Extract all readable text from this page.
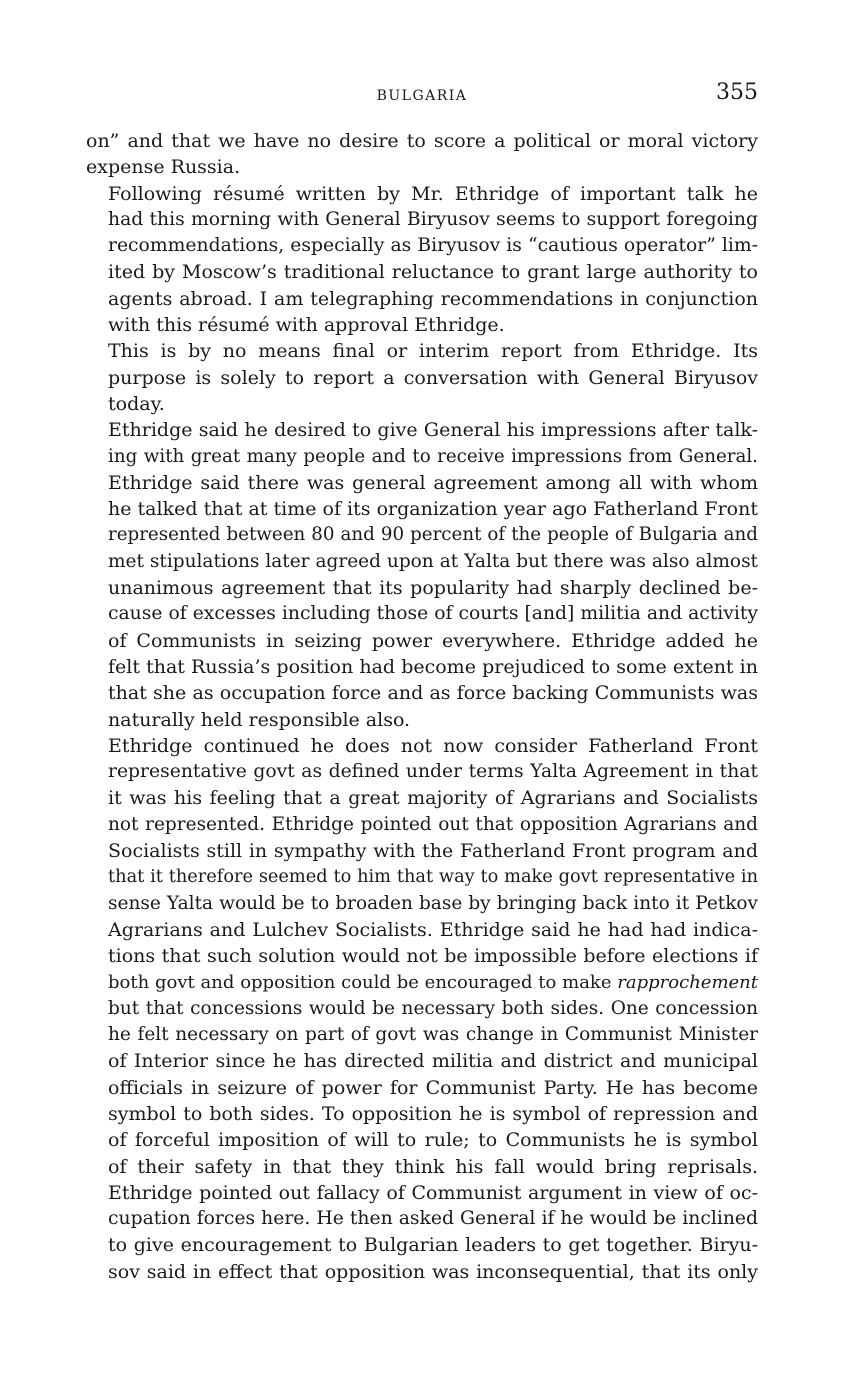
BULGARIA	355

on” and that we have no desire to score a political or moral victory
expense Russia.

Following résumé written by Mr. Ethridge of important talk he
had this morning with General Biryusov seems to support foregoing
recommendations, especially as Biryusov is “cautious operator” lim-
ited by Moscow’s traditional reluctance to grant large authority to
agents abroad. I am telegraphing recommendations in conjunction
with this résumé with approval Ethridge.

This is by no means final or interim report from Ethridge. Its
purpose is solely to report a conversation with General Biryusov
today.

Ethridge said he desired to give General his impressions after talk-
ing with great many people and to receive impressions from General.
Ethridge said there was general agreement among all with whom
he talked that at time of its organization year ago Fatherland Front
represented between 80 and 90 percent of the people of Bulgaria and
met stipulations later agreed upon at Yalta but there was also almost
unanimous agreement that its popularity had sharply declined be-
cause of excesses including those of courts [and] militia and activity
of Communists in seizing power everywhere. Ethridge added he
felt that Russia’s position had become prejudiced to some extent in
that she as occupation force and as force backing Communists was
naturally held responsible also.

Ethridge continued he does not now consider Fatherland Front
representative govt as defined under terms Yalta Agreement in that
it was his feeling that a great majority of Agrarians and Socialists
not represented. Ethridge pointed out that opposition Agrarians and
Socialists still in sympathy with the Fatherland Front program and
that it therefore seemed to him that way to make govt representative in
sense Yalta would be to broaden base by bringing back into it Petkov
Agrarians and Lulchev Socialists. Ethridge said he had had indica-
tions that such solution would not be impossible before elections if
both govt and opposition could be encouraged to make rapprochement
but that concessions would be necessary both sides. One concession
he felt necessary on part of govt was change in Communist Minister
of Interior since he has directed militia and district and municipal
officials in seizure of power for Communist Party. He has become
symbol to both sides. To opposition he is symbol of repression and
of forceful imposition of will to rule; to Communists he is symbol
of their safety in that they think his fall would bring reprisals.
Ethridge pointed out fallacy of Communist argument in view of oc-
cupation forces here. He then asked General if he would be inclined
to give encouragement to Bulgarian leaders to get together. Biryu-
sov said in effect that opposition was inconsequential, that its only
